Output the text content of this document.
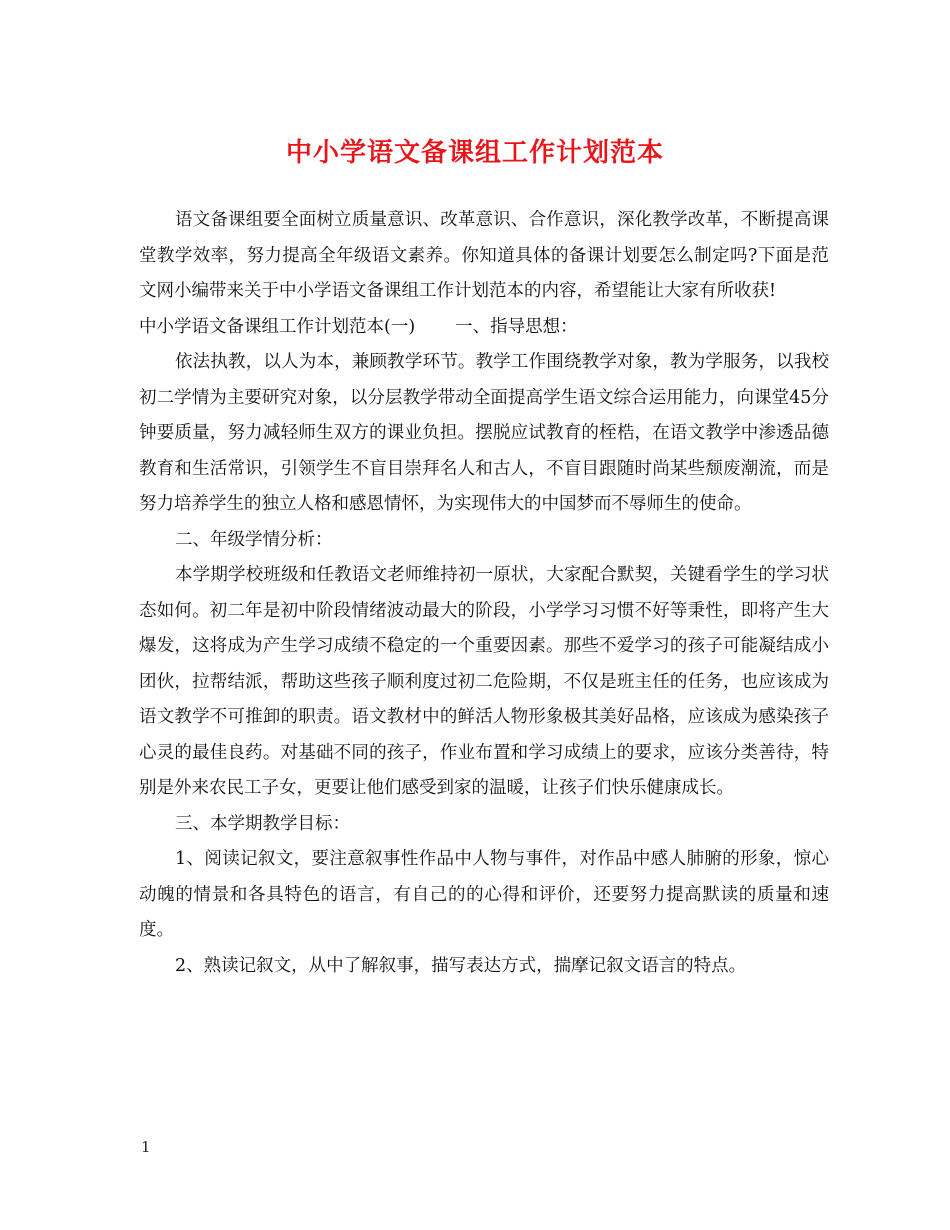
中小学语文备课组工作计划范本

语文备课组要全面树立质量意识、改革意识、合作意识，深化教学改革，不断提高课堂教学效率，努力提高全年级语文素养。你知道具体的备课计划要怎么制定吗?下面是范文网小编带来关于中小学语文备课组工作计划范本的内容，希望能让大家有所收获!

中小学语文备课组工作计划范本(一) 一、指导思想：

依法执教，以人为本，兼顾教学环节。教学工作围绕教学对象，教为学服务，以我校初二学情为主要研究对象，以分层教学带动全面提高学生语文综合运用能力，向课堂45分钟要质量，努力减轻师生双方的课业负担。摆脱应试教育的桎梏，在语文教学中渗透品德教育和生活常识，引领学生不盲目崇拜名人和古人，不盲目跟随时尚某些颓废潮流，而是努力培养学生的独立人格和感恩情怀，为实现伟大的中国梦而不辱师生的使命。

二、年级学情分析：

本学期学校班级和任教语文老师维持初一原状，大家配合默契，关键看学生的学习状态如何。初二年是初中阶段情绪波动最大的阶段，小学学习习惯不好等秉性，即将产生大爆发，这将成为产生学习成绩不稳定的一个重要因素。那些不爱学习的孩子可能凝结成小团伙，拉帮结派，帮助这些孩子顺利度过初二危险期，不仅是班主任的任务，也应该成为语文教学不可推卸的职责。语文教材中的鲜活人物形象极其美好品格，应该成为感染孩子心灵的最佳良药。对基础不同的孩子，作业布置和学习成绩上的要求，应该分类善待，特别是外来农民工子女，更要让他们感受到家的温暖，让孩子们快乐健康成长。

三、本学期教学目标：

1、阅读记叙文，要注意叙事性作品中人物与事件，对作品中感人肺腑的形象，惊心动魄的情景和各具特色的语言，有自己的的心得和评价，还要努力提高默读的质量和速度。

2、熟读记叙文，从中了解叙事，描写表达方式，揣摩记叙文语言的特点。

1
